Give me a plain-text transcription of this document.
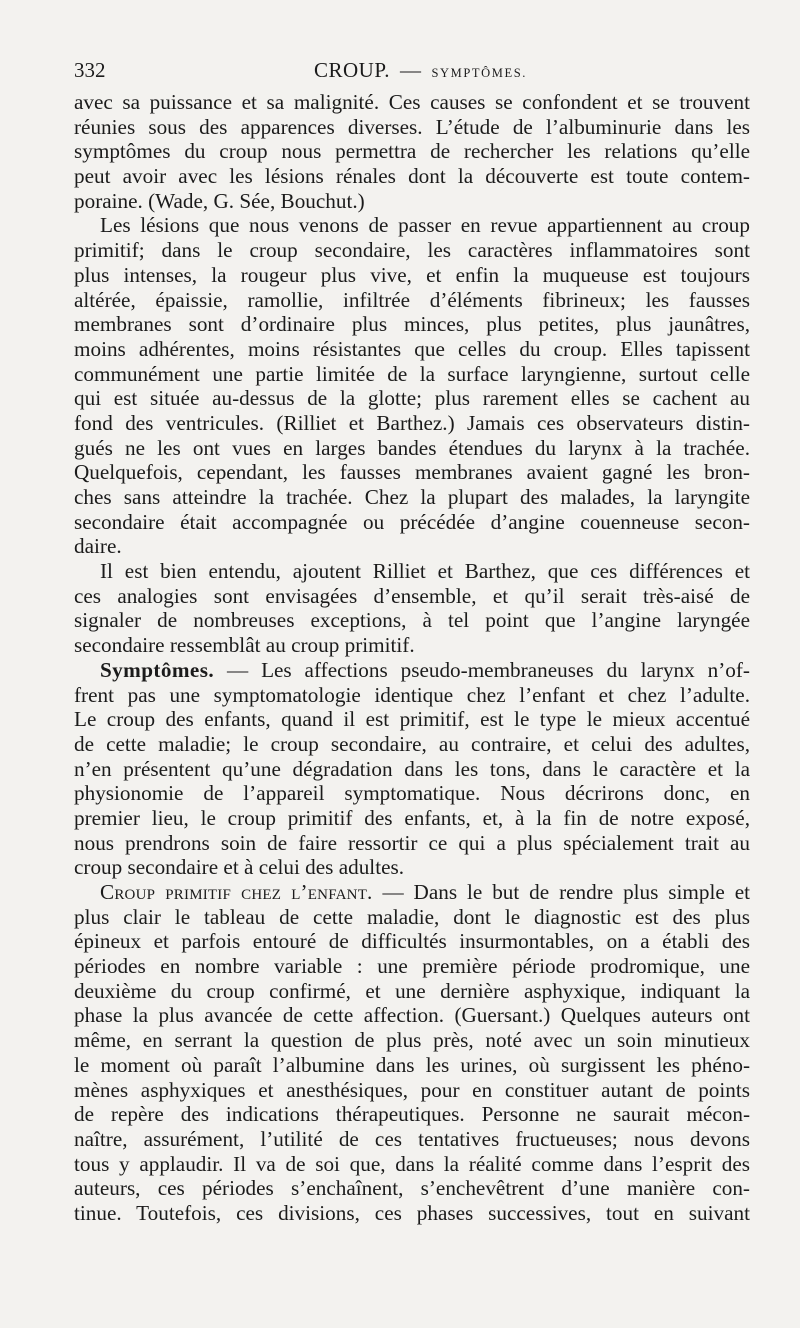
332	CROUP. — SYMPTÔMES.
avec sa puissance et sa malignité. Ces causes se confondent et se trouvent
réunies sous des apparences diverses. L’étude de l’albuminurie dans les
symptômes du croup nous permettra de rechercher les relations qu’elle
peut avoir avec les lésions rénales dont la découverte est toute contem-
poraine. (Wade, G. Sée, Bouchut.)
Les lésions que nous venons de passer en revue appartiennent au croup
primitif; dans le croup secondaire, les caractères inflammatoires sont
plus intenses, la rougeur plus vive, et enfin la muqueuse est toujours
altérée, épaissie, ramollie, infiltrée d’éléments fibrineux; les fausses
membranes sont d’ordinaire plus minces, plus petites, plus jaunâtres,
moins adhérentes, moins résistantes que celles du croup. Elles tapissent
communément une partie limitée de la surface laryngienne, surtout celle
qui est située au-dessus de la glotte; plus rarement elles se cachent au
fond des ventricules. (Rilliet et Barthez.) Jamais ces observateurs distin-
gués ne les ont vues en larges bandes étendues du larynx à la trachée.
Quelquefois, cependant, les fausses membranes avaient gagné les bron-
ches sans atteindre la trachée. Chez la plupart des malades, la laryngite
secondaire était accompagnée ou précédée d’angine couenneuse secon-
daire.
Il est bien entendu, ajoutent Rilliet et Barthez, que ces différences et
ces analogies sont envisagées d’ensemble, et qu’il serait très-aisé de
signaler de nombreuses exceptions, à tel point que l’angine laryngée
secondaire ressemblât au croup primitif.
Symptômes. — Les affections pseudo-membraneuses du larynx n’of-
frent pas une symptomatologie identique chez l’enfant et chez l’adulte.
Le croup des enfants, quand il est primitif, est le type le mieux accentué
de cette maladie; le croup secondaire, au contraire, et celui des adultes,
n’en présentent qu’une dégradation dans les tons, dans le caractère et la
physionomie de l’appareil symptomatique. Nous décrirons donc, en
premier lieu, le croup primitif des enfants, et, à la fin de notre exposé,
nous prendrons soin de faire ressortir ce qui a plus spécialement trait au
croup secondaire et à celui des adultes.
Croup primitif chez l’enfant. — Dans le but de rendre plus simple et
plus clair le tableau de cette maladie, dont le diagnostic est des plus
épineux et parfois entouré de difficultés insurmontables, on a établi des
périodes en nombre variable : une première période prodromique, une
deuxième du croup confirmé, et une dernière asphyxique, indiquant la
phase la plus avancée de cette affection. (Guersant.) Quelques auteurs ont
même, en serrant la question de plus près, noté avec un soin minutieux
le moment où paraît l’albumine dans les urines, où surgissent les phéno-
mènes asphyxiques et anesthésiques, pour en constituer autant de points
de repère des indications thérapeutiques. Personne ne saurait mécon-
naître, assurément, l’utilité de ces tentatives fructueuses; nous devons
tous y applaudir. Il va de soi que, dans la réalité comme dans l’esprit des
auteurs, ces périodes s’enchaînent, s’enchevêtrent d’une manière con-
tinue. Toutefois, ces divisions, ces phases successives, tout en suivant
